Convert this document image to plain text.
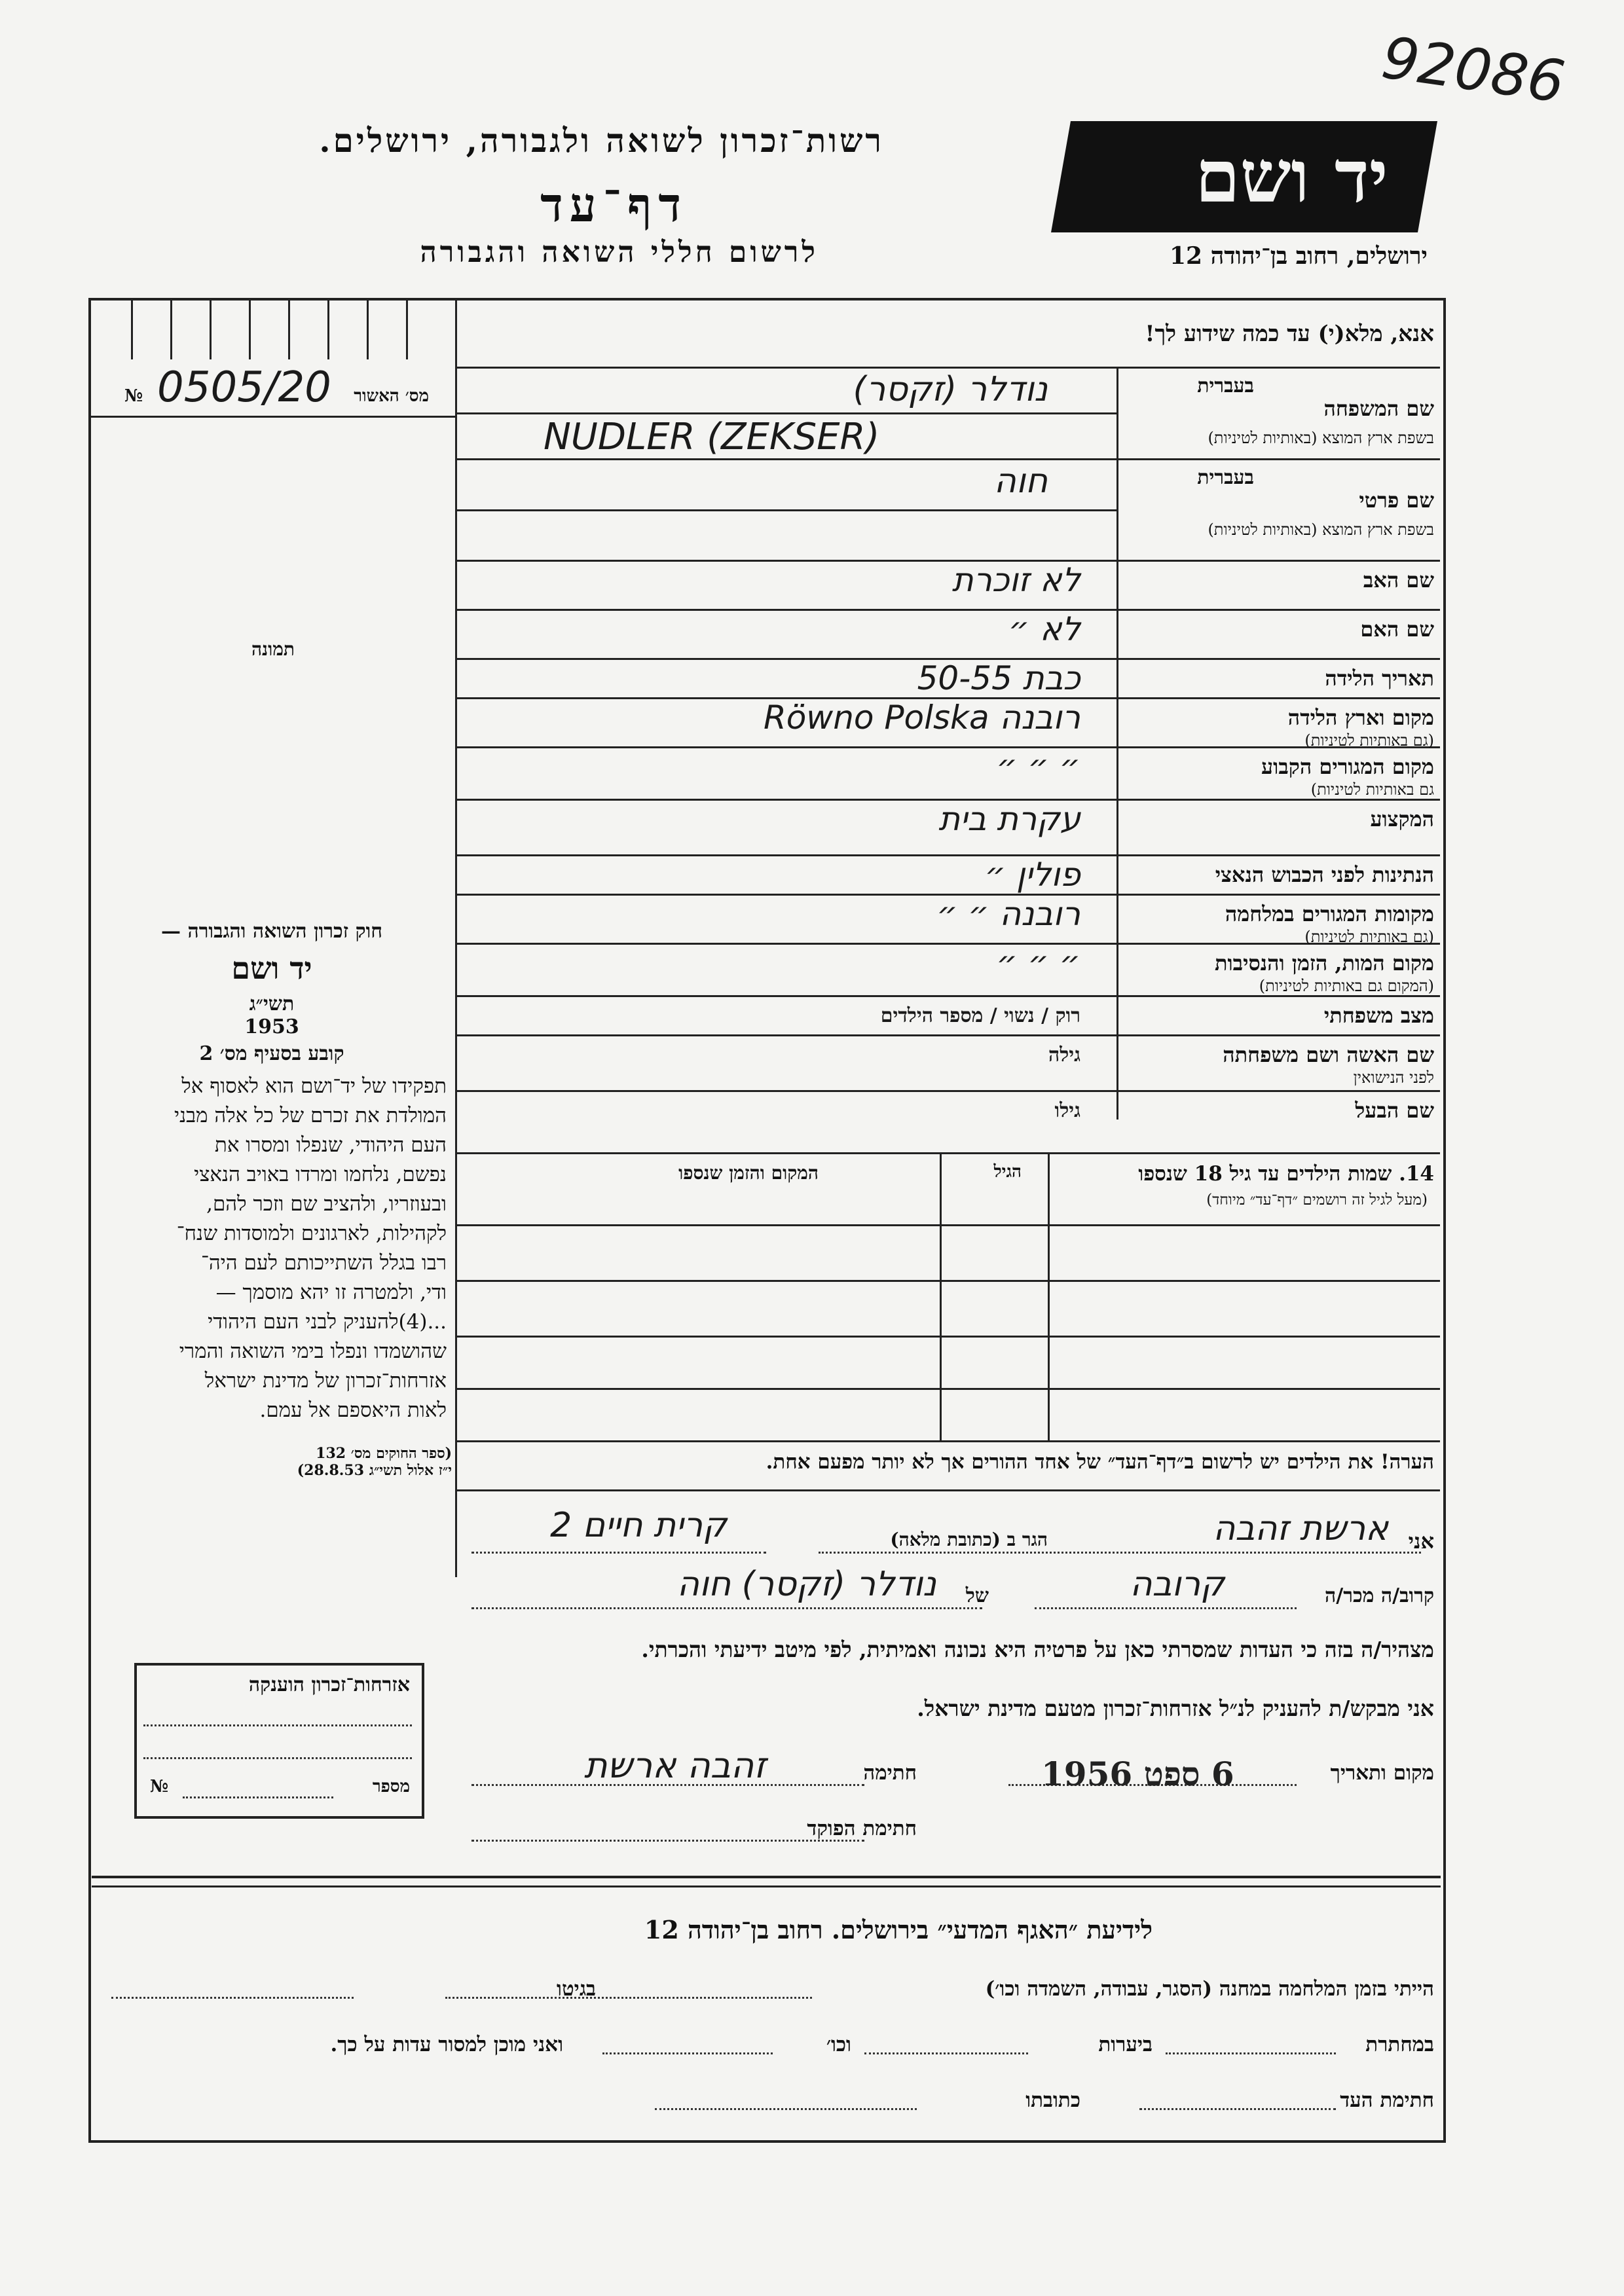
92086
רשות־זכרון לשואה ולגבורה, ירושלים.
דף־עד
לרשום חללי השואה והגבורה
יד ושם
ירושלים, רחוב בן־יהודה 12
אנא, מלא(י) עד כמה שידוע לך!
מס׳ האשור
№ 0505/20
תמונה
שם המשפחה
בשפת ארץ המוצא (באותיות לטיניות)
בעברית
נודלר (זקסר)
NUDLER (ZEKSER)
שם פרטי
בשפת ארץ המוצא (באותיות לטיניות)
בעברית
חוה
שם האב
לא זוכרת
שם האם
לא ״
תאריך הלידה
כבת 50-55
מקום וארץ הלידה
(גם באותיות לטיניות)
רובנה Röwno Polska
מקום המגורים הקבוע
גם באותיות לטיניות)
״ ״ ״
המקצוע
עקרת בית
הנתינות לפני הכבוש הנאצי
פולין ״
מקומות המגורים במלחמה
(גם באותיות לטיניות)
רובנה ״ ״
מקום המות, הזמן והנסיבות
(המקום גם באותיות לטיניות)
״ ״ ״
מצב משפחתי
רוק / נשוי / מספר הילדים
שם האשה ושם משפחתה
לפני הנישואין
גילה
שם הבעל
גילו
חוק זכרון השואה והגבורה —
יד ושם
תשי״ג
1953
קובע בסעיף מס׳ 2
תפקידו של יד־ושם הוא לאסוף אל
המולדת את זכרם של כל אלה מבני
העם היהודי, שנפלו ומסרו את
נפשם, נלחמו ומרדו באויב הנאצי
ובעוזריו, ולהציב שם וזכר להם,
לקהילות, לארגונים ולמוסדות שנח־
רבו בגלל השתייכותם לעם היה־
ודי, ולמטרה זו יהא מוסמך —
...(4)להעניק לבני העם היהודי
שהושמדו ונפלו בימי השואה והמרי
אזרחות־זכרון של מדינת ישראל
לאות היאספם אל עמם.
(ספר החוקים מס׳ 132
י״ז אלול תשי״ג 28.8.53)
14. שמות הילדים עד גיל 18 שנספו
(מעל לגיל זה רושמים ״דף־עד״ מיוחד)
הגיל
המקום והזמן שנספו
הערה! את הילדים יש לרשום ב״דף־העד״ של אחד ההורים אך לא יותר מפעם אחת.
אני
ארשת זהבה
הגר ב (כתובת מלאה)
קרית חיים 2
קרוב/ה מכר/ה
קרובה
של
נודלר (זקסר) חוה
מצהיר/ה בזה כי העדות שמסרתי כאן על פרטיה היא נכונה ואמיתית, לפי מיטב ידיעתי והכרתי.
אני מבקש/ת להעניק לנ״ל אזרחות־זכרון מטעם מדינת ישראל.
מקום ותאריך
6 ספט 1956
חתימה
זהבה ארשת
חתימת הפוקד
אזרחות־זכרון הוענקה
מספר
№
לידיעת ״האגף המדעי״ בירושלים. רחוב בן־יהודה 12
הייתי בזמן המלחמה במחנה (הסגר, עבודה, השמדה וכו׳)
בגיטו
במחתרת
ביערות
וכו׳
ואני מוכן למסור עדות על כך.
חתימת העד
כתובתו
